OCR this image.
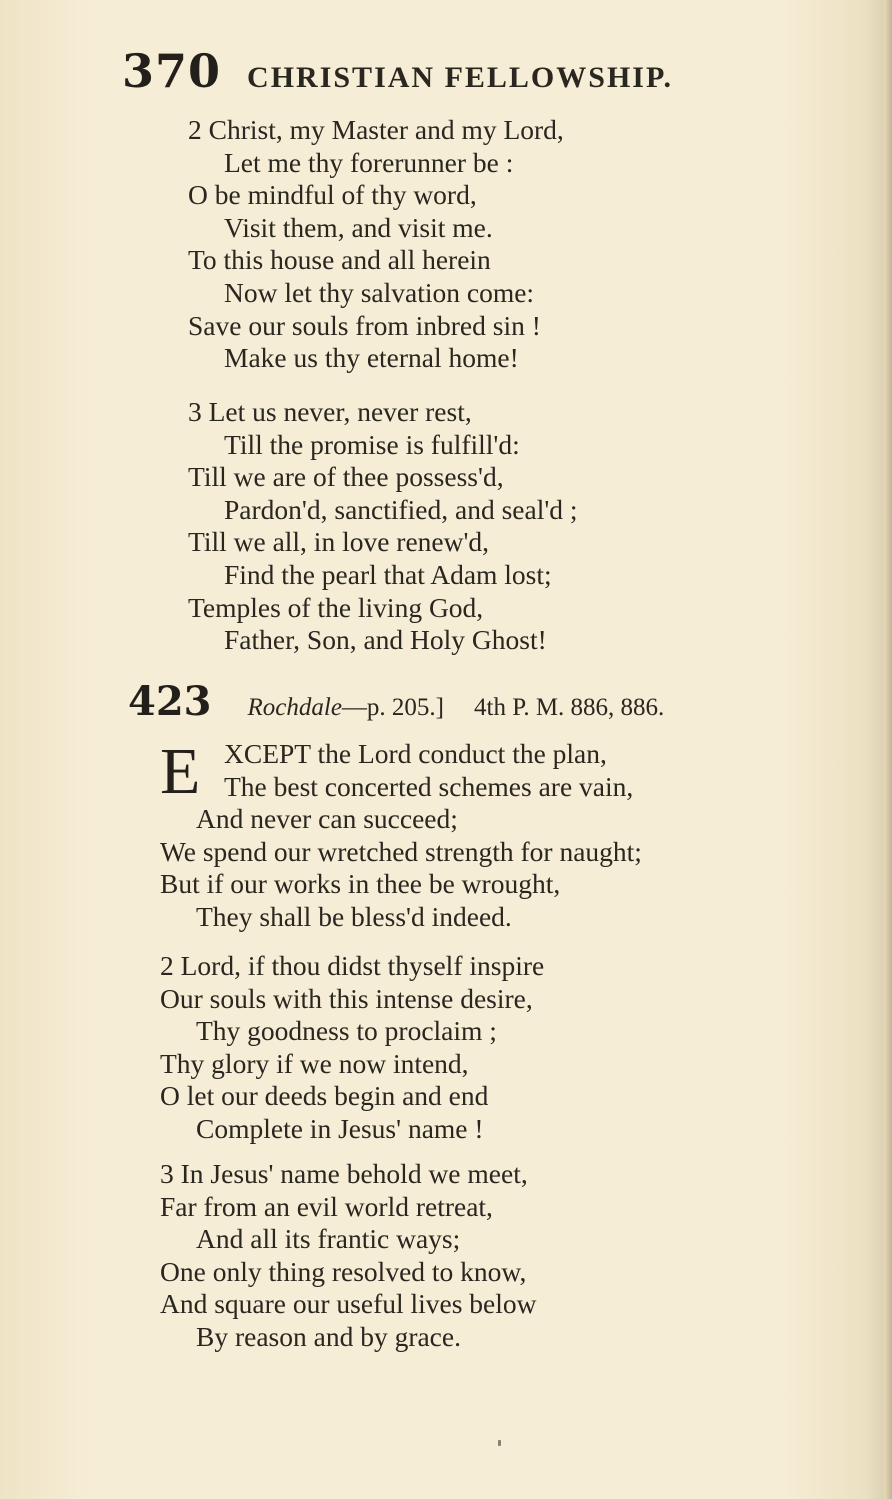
370 CHRISTIAN FELLOWSHIP.
2 Christ, my Master and my Lord,
Let me thy forerunner be :
O be mindful of thy word,
Visit them, and visit me.
To this house and all herein
Now let thy salvation come:
Save our souls from inbred sin !
Make us thy eternal home!
3 Let us never, never rest,
Till the promise is fulfill'd:
Till we are of thee possess'd,
Pardon'd, sanctified, and seal'd ;
Till we all, in love renew'd,
Find the pearl that Adam lost;
Temples of the living God,
Father, Son, and Holy Ghost!
423 Rochdale —p. 205.] 4th P. M. 886, 886.
E XCEPT the Lord conduct the plan,
The best concerted schemes are vain,
And never can succeed;
We spend our wretched strength for naught;
But if our works in thee be wrought,
They shall be bless'd indeed.
2 Lord, if thou didst thyself inspire
Our souls with this intense desire,
Thy goodness to proclaim ;
Thy glory if we now intend,
O let our deeds begin and end
Complete in Jesus' name !
3 In Jesus' name behold we meet,
Far from an evil world retreat,
And all its frantic ways;
One only thing resolved to know,
And square our useful lives below
By reason and by grace.
